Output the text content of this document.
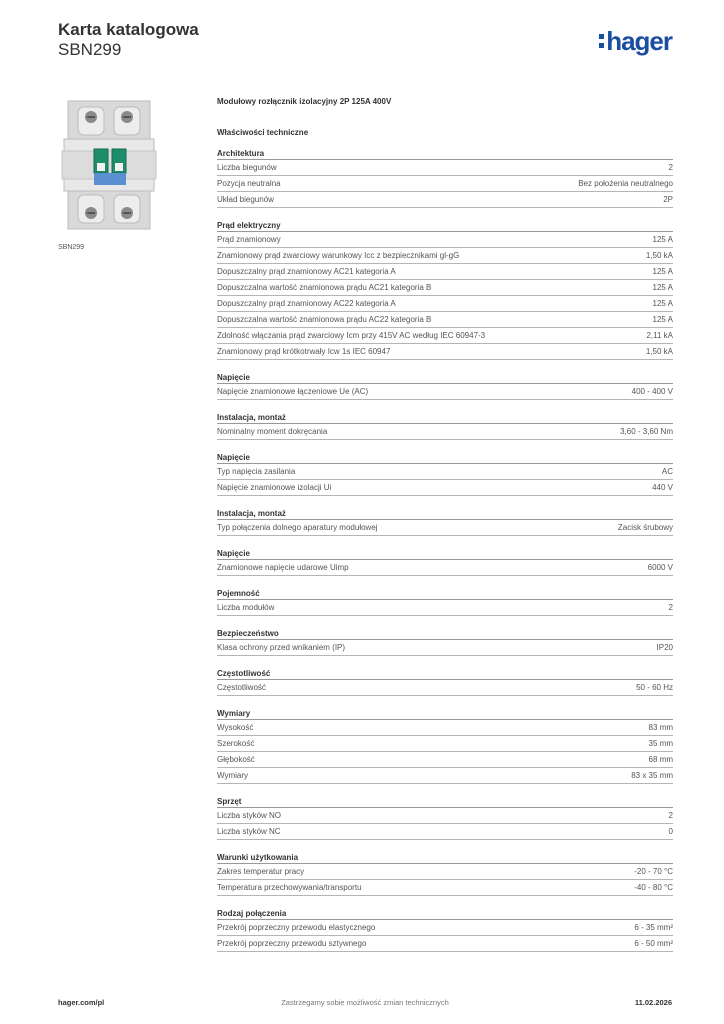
Karta katalogowa
SBN299	hager
SBN299
Modułowy rozłącznik izolacyjny 2P 125A 400V
Właściwości techniczne
Architektura
Liczba biegunów	2
Pozycja neutralna	Bez położenia neutralnego
Układ biegunów	2P
Prąd elektryczny
Prąd znamionowy	125 A
Znamionowy prąd zwarciowy warunkowy Icc z bezpiecznikami gl-gG	1,50 kA
Dopuszczalny prąd znamionowy AC21 kategoria A	125 A
Dopuszczalna wartość znamionowa prądu AC21 kategoria B	125 A
Dopuszczalny prąd znamionowy AC22 kategoria A	125 A
Dopuszczalna wartość znamionowa prądu AC22 kategoria B	125 A
Zdolność włączania prąd zwarciowy Icm przy 415V AC według IEC 60947-3	2,11 kA
Znamionowy prąd krótkotrwały Icw 1s IEC 60947	1,50 kA
Napięcie
Napięcie znamionowe łączeniowe Ue (AC)	400 - 400 V
Instalacja, montaż
Nominalny moment dokręcania	3,60 - 3,60 Nm
Napięcie
Typ napięcia zasilania	AC
Napięcie znamionowe izolacji Ui	440 V
Instalacja, montaż
Typ połączenia dolnego aparatury modułowej	Zacisk śrubowy
Napięcie
Znamionowe napięcie udarowe Uimp	6000 V
Pojemność
Liczba modułów	2
Bezpieczeństwo
Klasa ochrony przed wnikaniem (IP)	IP20
Częstotliwość
Częstotliwość	50 - 60 Hz
Wymiary
Wysokość	83 mm
Szerokość	35 mm
Głębokość	68 mm
Wymiary	83 x 35 mm
Sprzęt
Liczba styków NO	2
Liczba styków NC	0
Warunki użytkowania
Zakres temperatur pracy	-20 - 70 °C
Temperatura przechowywania/transportu	-40 - 80 °C
Rodzaj połączenia
Przekrój poprzeczny przewodu elastycznego	6 - 35 mm²
Przekrój poprzeczny przewodu sztywnego	6 - 50 mm²
hager.com/pl	Zastrzegamy sobie możliwość zmian technicznych	11.02.2026
